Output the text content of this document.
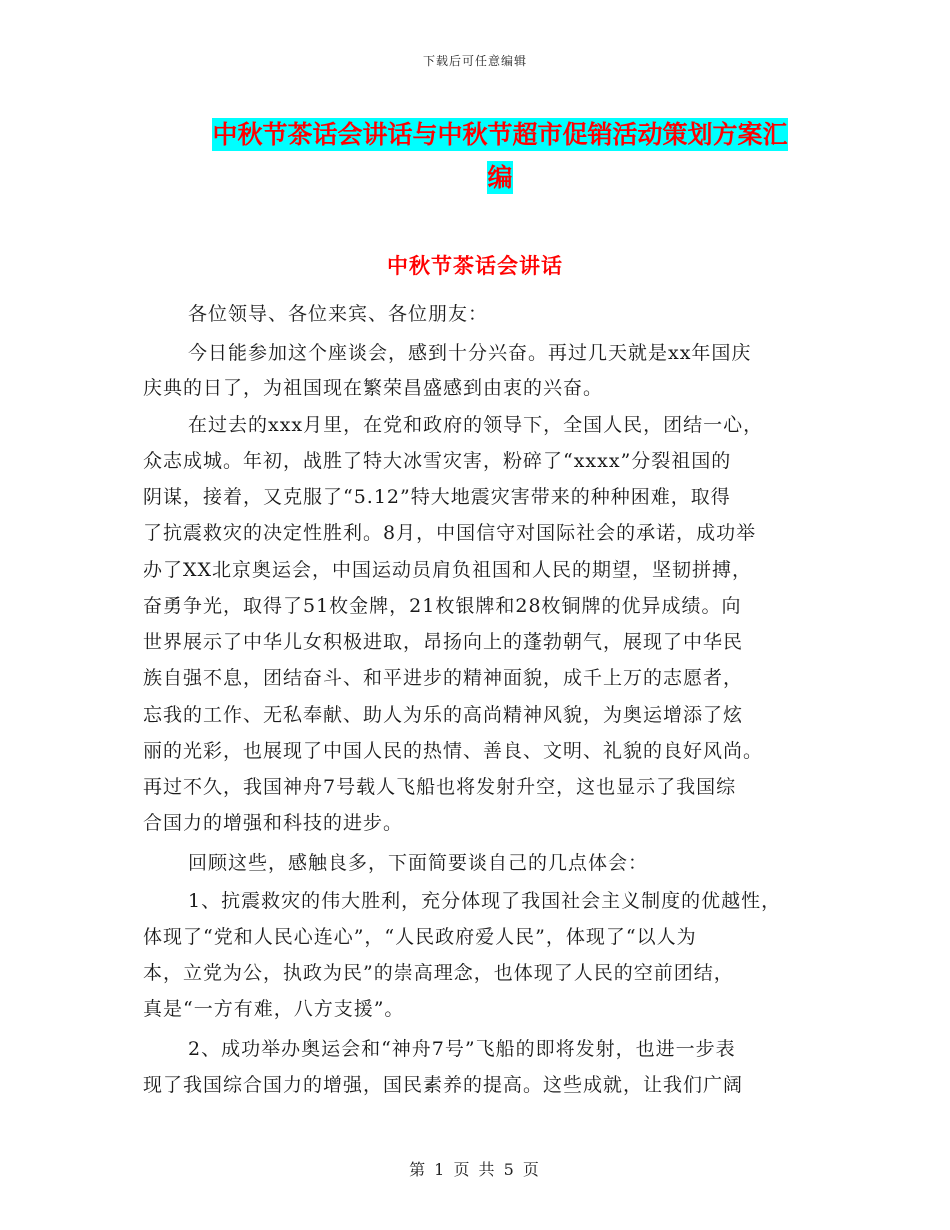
下载后可任意编辑
中秋节茶话会讲话与中秋节超市促销活动策划方案汇
编
中秋节茶话会讲话
各位领导、各位来宾、各位朋友：
今日能参加这个座谈会，感到十分兴奋。再过几天就是xx年国庆
庆典的日了，为祖国现在繁荣昌盛感到由衷的兴奋。
在过去的xxx月里，在党和政府的领导下，全国人民，团结一心，
众志成城。年初，战胜了特大冰雪灾害，粉碎了“xxxx”分裂祖国的
阴谋，接着，又克服了“5.12”特大地震灾害带来的种种困难，取得
了抗震救灾的决定性胜利。8月，中国信守对国际社会的承诺，成功举
办了XX北京奥运会，中国运动员肩负祖国和人民的期望，坚韧拼搏，
奋勇争光，取得了51枚金牌，21枚银牌和28枚铜牌的优异成绩。向
世界展示了中华儿女积极进取，昂扬向上的蓬勃朝气，展现了中华民
族自强不息，团结奋斗、和平进步的精神面貌，成千上万的志愿者，
忘我的工作、无私奉献、助人为乐的高尚精神风貌，为奥运增添了炫
丽的光彩，也展现了中国人民的热情、善良、文明、礼貌的良好风尚。
再过不久，我国神舟7号载人飞船也将发射升空，这也显示了我国综
合国力的增强和科技的进步。
回顾这些，感触良多，下面简要谈自己的几点体会：
1、抗震救灾的伟大胜利，充分体现了我国社会主义制度的优越性，
体现了“党和人民心连心”，“人民政府爱人民”，体现了“以人为
本，立党为公，执政为民”的崇高理念，也体现了人民的空前团结，
真是“一方有难，八方支援”。
2、成功举办奥运会和“神舟7号”飞船的即将发射，也进一步表
现了我国综合国力的增强，国民素养的提高。这些成就，让我们广阔
第 1 页 共 5 页
